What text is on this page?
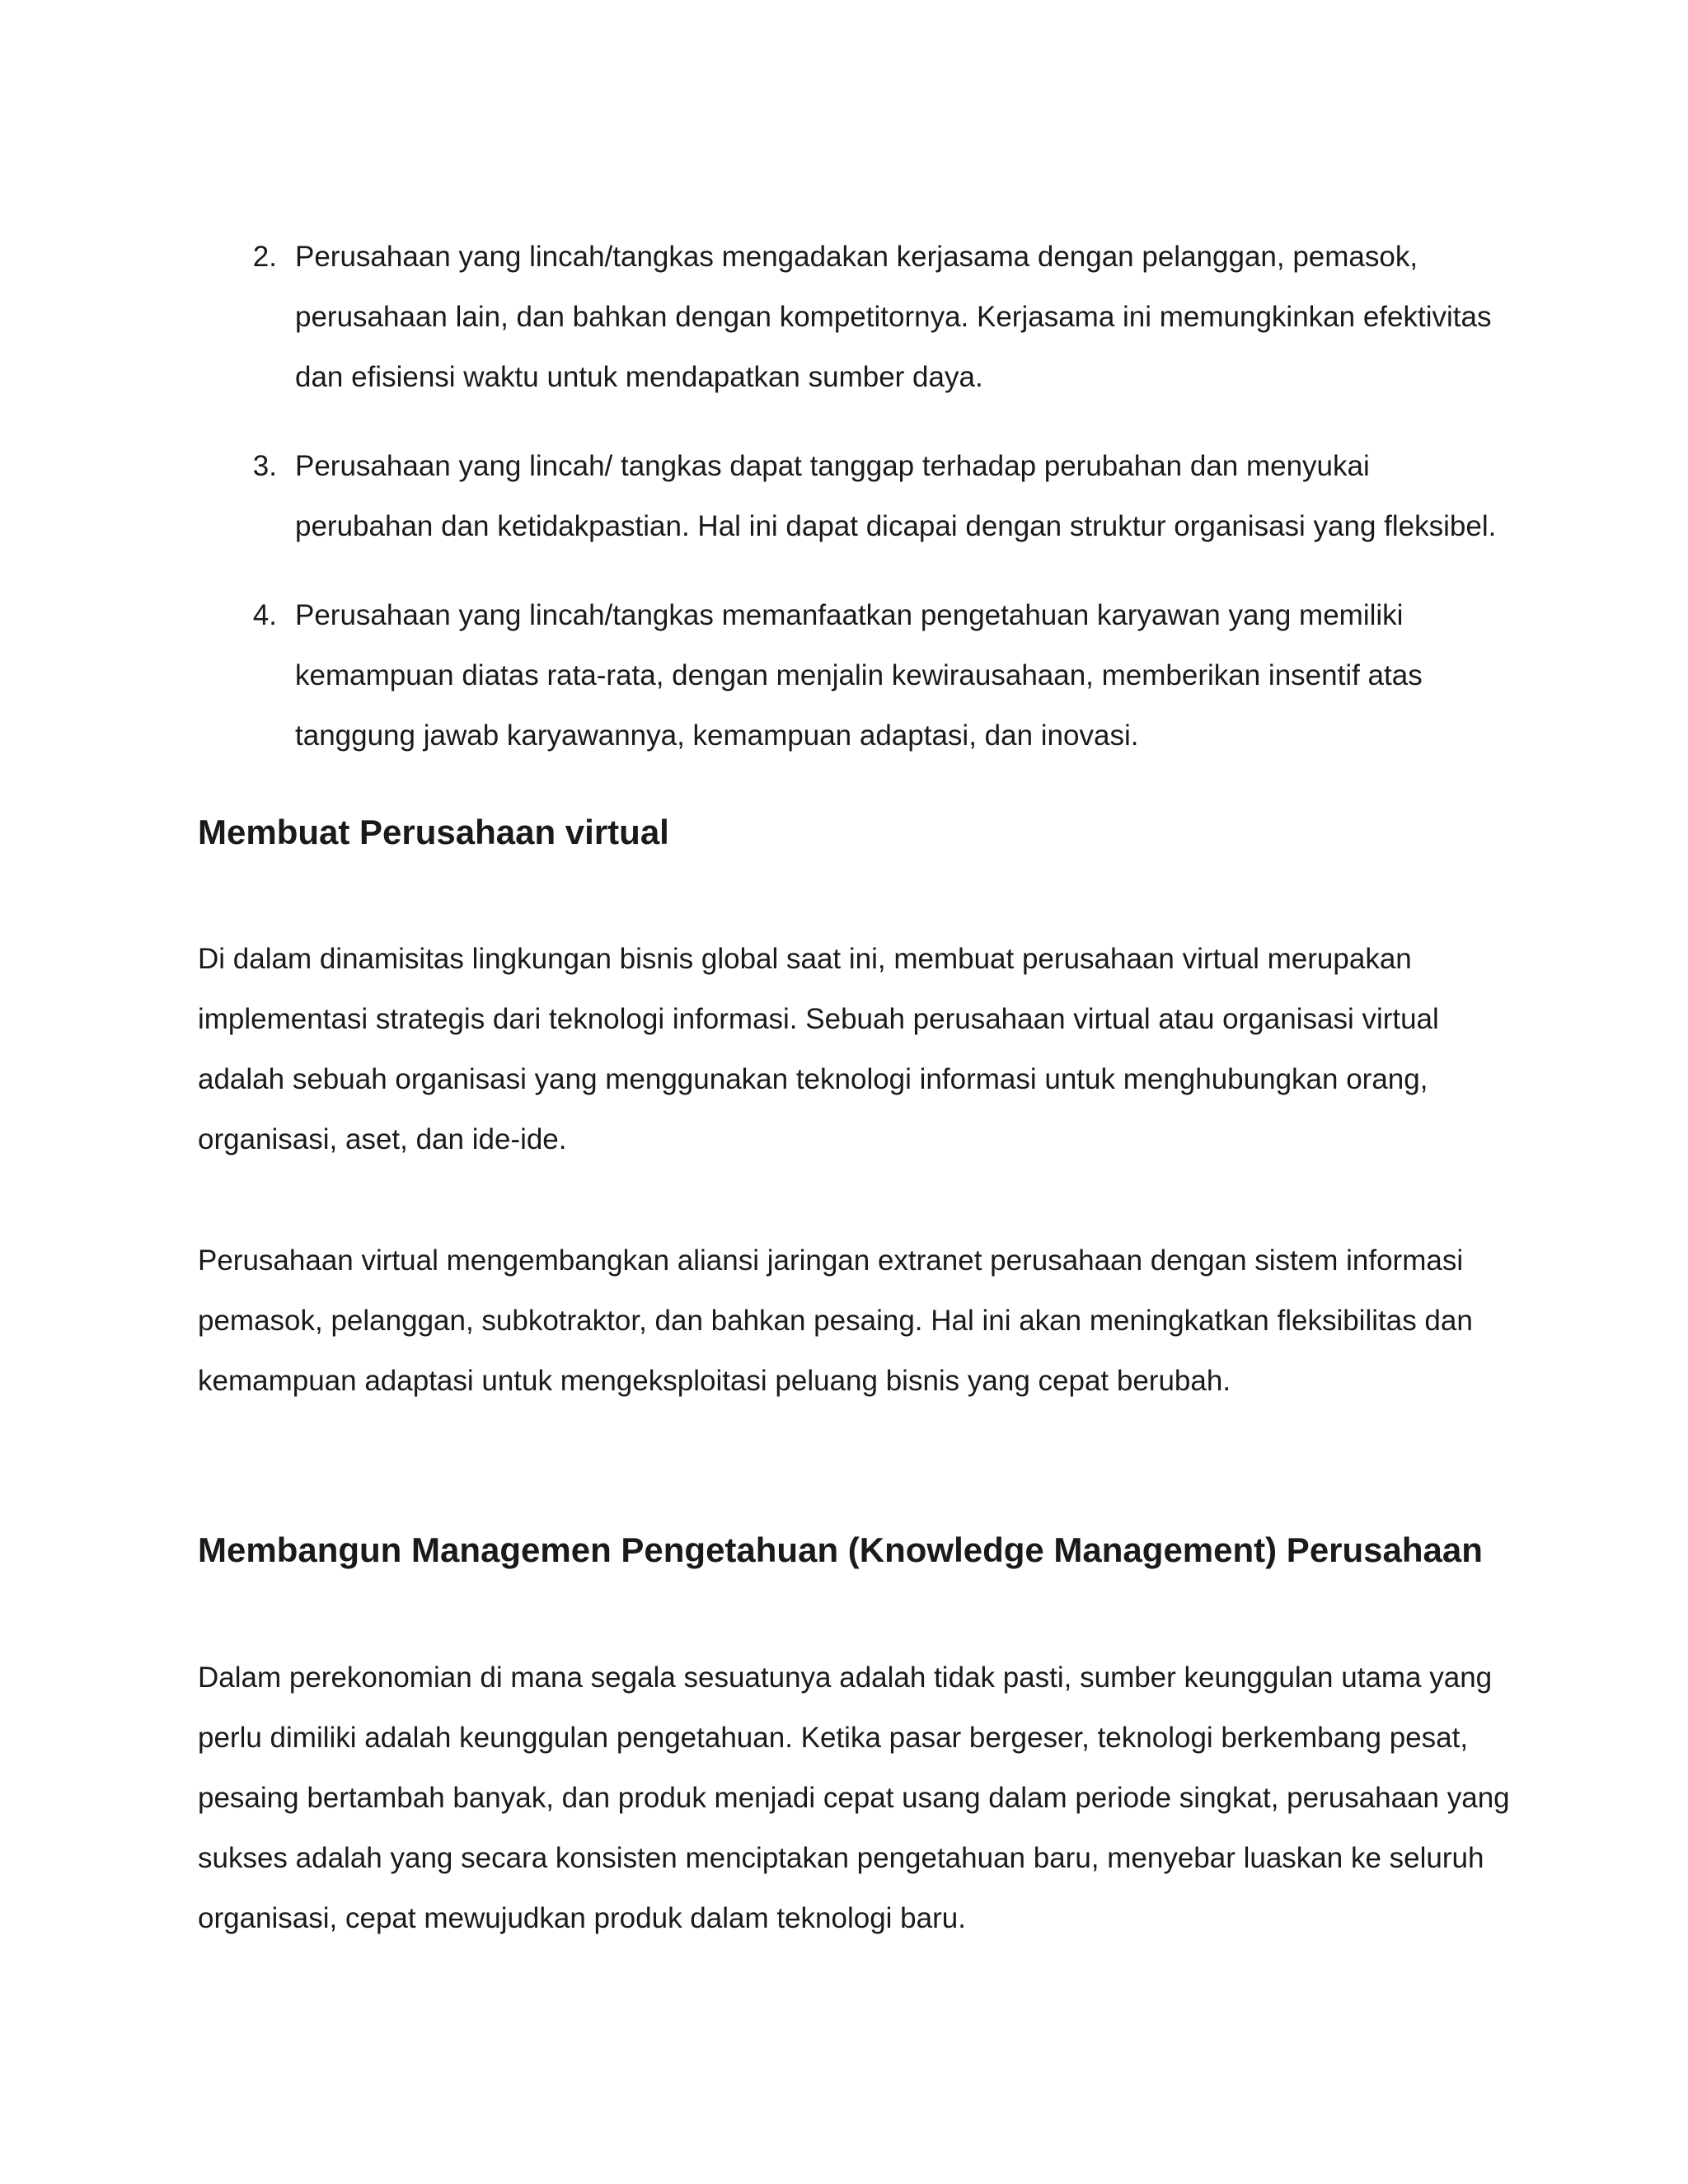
2. Perusahaan yang lincah/tangkas mengadakan kerjasama dengan pelanggan, pemasok, perusahaan lain, dan bahkan dengan kompetitornya. Kerjasama ini memungkinkan efektivitas dan efisiensi waktu untuk mendapatkan sumber daya.

3. Perusahaan yang lincah/ tangkas dapat tanggap terhadap perubahan dan menyukai perubahan dan ketidakpastian. Hal ini dapat dicapai dengan struktur organisasi yang fleksibel.

4. Perusahaan yang lincah/tangkas memanfaatkan pengetahuan karyawan yang memiliki kemampuan diatas rata-rata, dengan menjalin kewirausahaan, memberikan insentif atas tanggung jawab karyawannya, kemampuan adaptasi, dan inovasi.

Membuat Perusahaan virtual

Di dalam dinamisitas lingkungan bisnis global saat ini, membuat perusahaan virtual merupakan implementasi strategis dari teknologi informasi. Sebuah perusahaan virtual atau organisasi virtual adalah sebuah organisasi yang menggunakan teknologi informasi untuk menghubungkan orang, organisasi, aset, dan ide-ide.

Perusahaan virtual mengembangkan aliansi jaringan extranet perusahaan dengan sistem informasi pemasok, pelanggan, subkotraktor, dan bahkan pesaing. Hal ini akan meningkatkan fleksibilitas dan kemampuan adaptasi untuk mengeksploitasi peluang bisnis yang cepat berubah.

Membangun Managemen Pengetahuan (Knowledge Management) Perusahaan

Dalam perekonomian di mana segala sesuatunya adalah tidak pasti, sumber keunggulan utama yang perlu dimiliki adalah keunggulan pengetahuan. Ketika pasar bergeser, teknologi berkembang pesat, pesaing bertambah banyak, dan produk menjadi cepat usang dalam periode singkat, perusahaan yang sukses adalah yang secara konsisten menciptakan pengetahuan baru, menyebar luaskan ke seluruh organisasi, cepat mewujudkan produk dalam teknologi baru.
